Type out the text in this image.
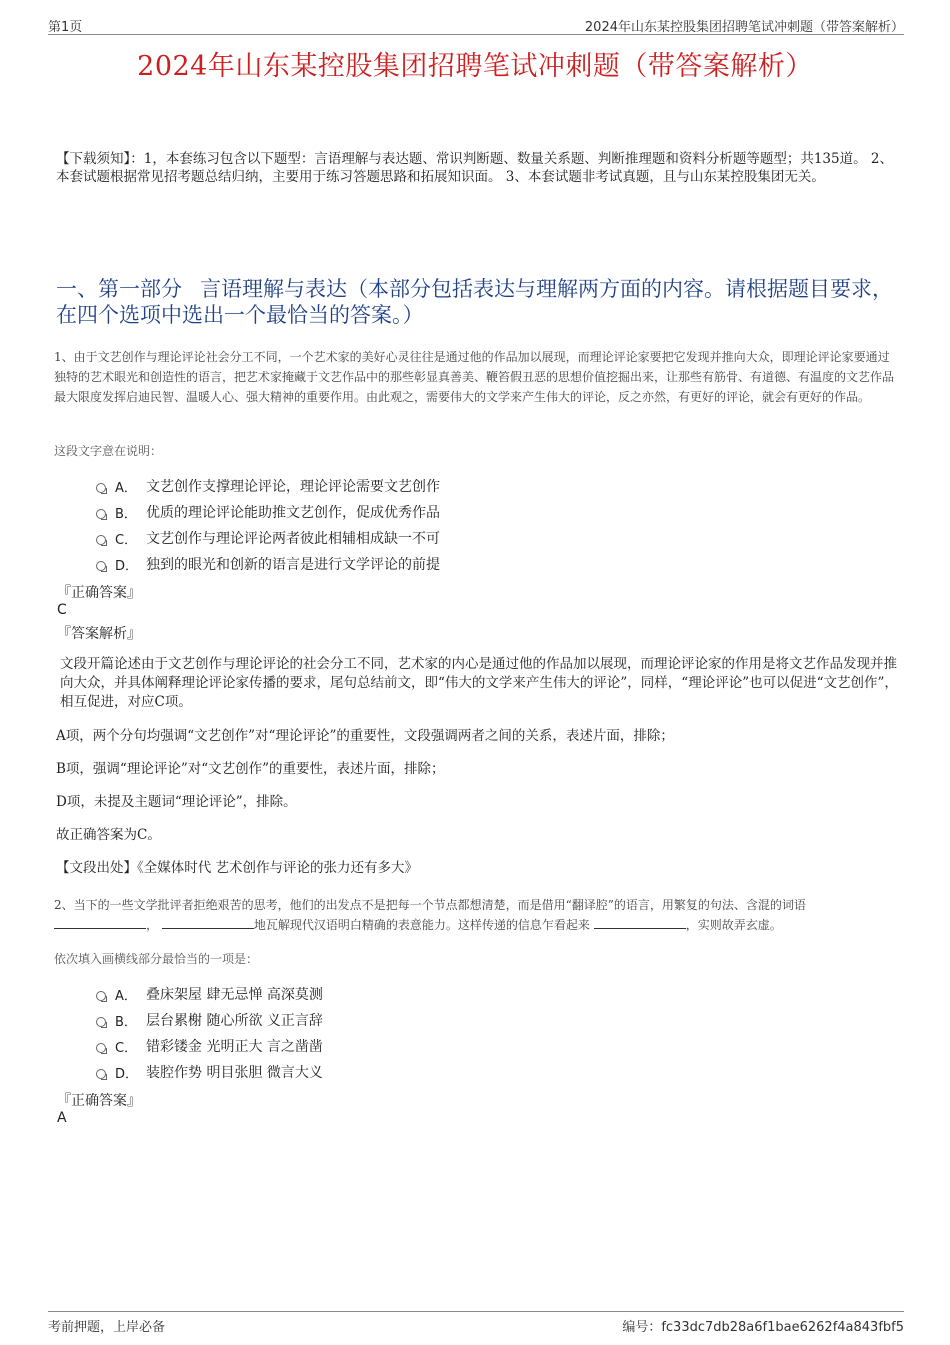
第1页	2024年山东某控股集团招聘笔试冲刺题（带答案解析）
2024年山东某控股集团招聘笔试冲刺题（带答案解析）
【下载须知】：1，本套练习包含以下题型：言语理解与表达题、常识判断题、数量关系题、判断推理题和资料分析题等题型；共135道。 2、本套试题根据常见招考题总结归纳，主要用于练习答题思路和拓展知识面。 3、本套试题非考试真题，且与山东某控股集团无关。
一、第一部分 言语理解与表达（本部分包括表达与理解两方面的内容。请根据题目要求，在四个选项中选出一个最恰当的答案。）
1、由于文艺创作与理论评论社会分工不同，一个艺术家的美好心灵往往是通过他的作品加以展现，而理论评论家要把它发现并推向大众，即理论评论家要通过独特的艺术眼光和创造性的语言，把艺术家掩藏于文艺作品中的那些彰显真善美、鞭笞假丑恶的思想价值挖掘出来，让那些有筋骨、有道德、有温度的文艺作品最大限度发挥启迪民智、温暖人心、强大精神的重要作用。由此观之，需要伟大的文学来产生伟大的评论，反之亦然，有更好的评论，就会有更好的作品。
这段文字意在说明：
A． 文艺创作支撑理论评论，理论评论需要文艺创作
B． 优质的理论评论能助推文艺创作，促成优秀作品
C． 文艺创作与理论评论两者彼此相辅相成缺一不可
D． 独到的眼光和创新的语言是进行文学评论的前提
『正确答案』
C
『答案解析』
文段开篇论述由于文艺创作与理论评论的社会分工不同，艺术家的内心是通过他的作品加以展现，而理论评论家的作用是将文艺作品发现并推向大众，并具体阐释理论评论家传播的要求，尾句总结前文，即“伟大的文学来产生伟大的评论”，同样，“理论评论”也可以促进“文艺创作”，相互促进，对应C项。
A项，两个分句均强调“文艺创作”对“理论评论”的重要性，文段强调两者之间的关系，表述片面，排除；
B项，强调“理论评论”对“文艺创作”的重要性，表述片面，排除；
D项，未提及主题词“理论评论”，排除。
故正确答案为C。
【文段出处】《全媒体时代 艺术创作与评论的张力还有多大》
2、当下的一些文学批评者拒绝艰苦的思考，他们的出发点不是把每一个节点都想清楚，而是借用“翻译腔”的语言，用繁复的句法、含混的词语
，	地瓦解现代汉语明白精确的表意能力。这样传递的信息乍看起来	，实则故弄玄虚。
依次填入画横线部分最恰当的一项是：
A． 叠床架屋 肆无忌惮 高深莫测
B． 层台累榭 随心所欲 义正言辞
C． 错彩镂金 光明正大 言之凿凿
D． 装腔作势 明目张胆 微言大义
『正确答案』
A
考前押题，上岸必备	编号：fc33dc7db28a6f1bae6262f4a843fbf5
